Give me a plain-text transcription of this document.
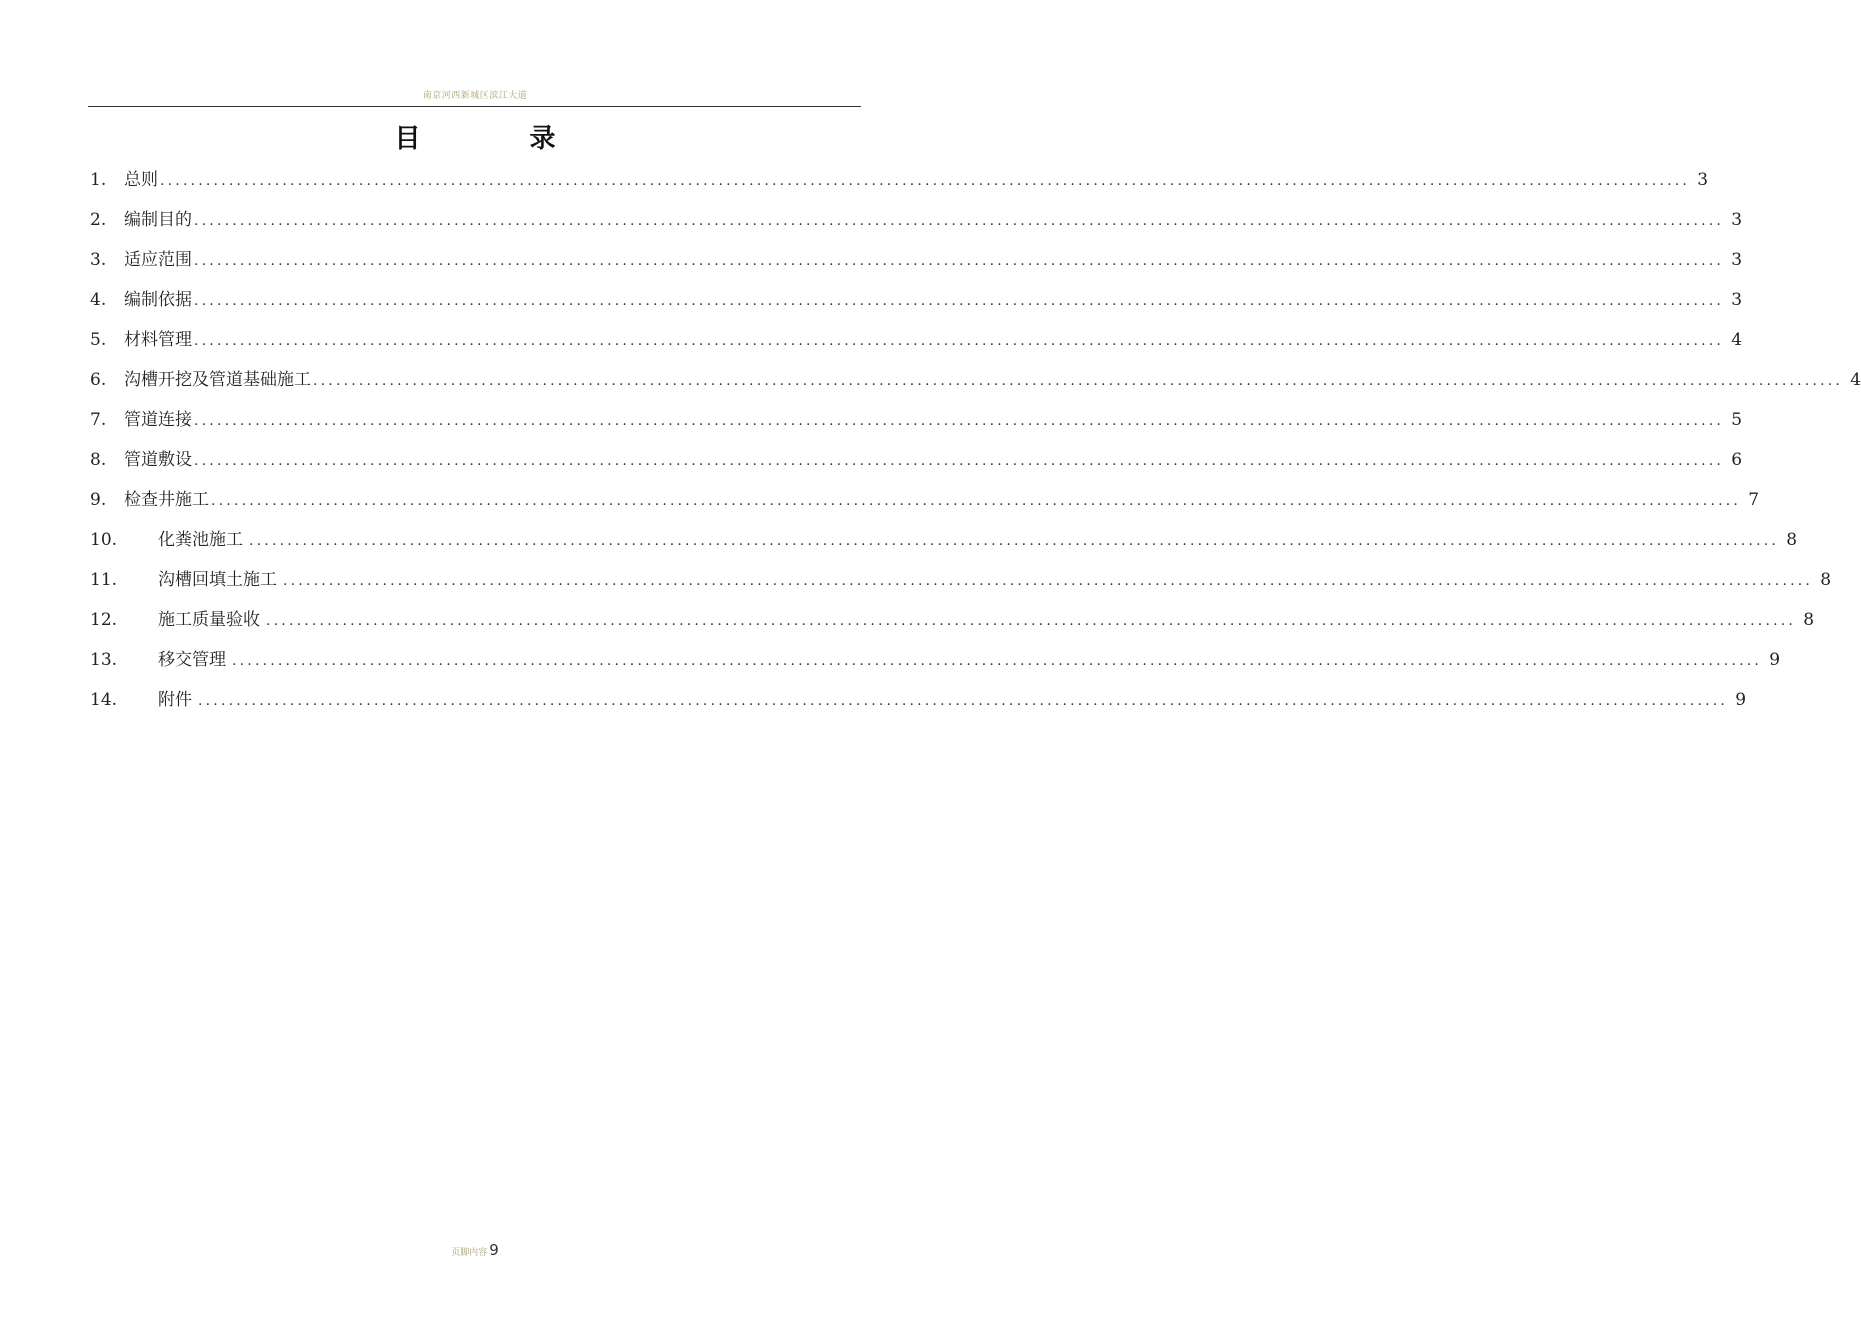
南京河西新城区滨江大道
目 录
1.	总则 ........................................................................................................................................................................................................ 3
2.	编制目的 ........................................................................................................................................................................................................ 3
3.	适应范围 ........................................................................................................................................................................................................ 3
4.	编制依据 ........................................................................................................................................................................................................ 3
5.	材料管理 ........................................................................................................................................................................................................ 4
6.	沟槽开挖及管道基础施工 ........................................................................................................................................................................................................ 4
7.	管道连接 ........................................................................................................................................................................................................ 5
8.	管道敷设 ........................................................................................................................................................................................................ 6
9.	检查井施工 ........................................................................................................................................................................................................ 7
10.	化粪池施工 ........................................................................................................................................................................................................ 8
11.	沟槽回填土施工 ........................................................................................................................................................................................................ 8
12.	施工质量验收 ........................................................................................................................................................................................................ 8
13.	移交管理 ........................................................................................................................................................................................................ 9
14.	附件 ........................................................................................................................................................................................................ 9
页脚内容 9
